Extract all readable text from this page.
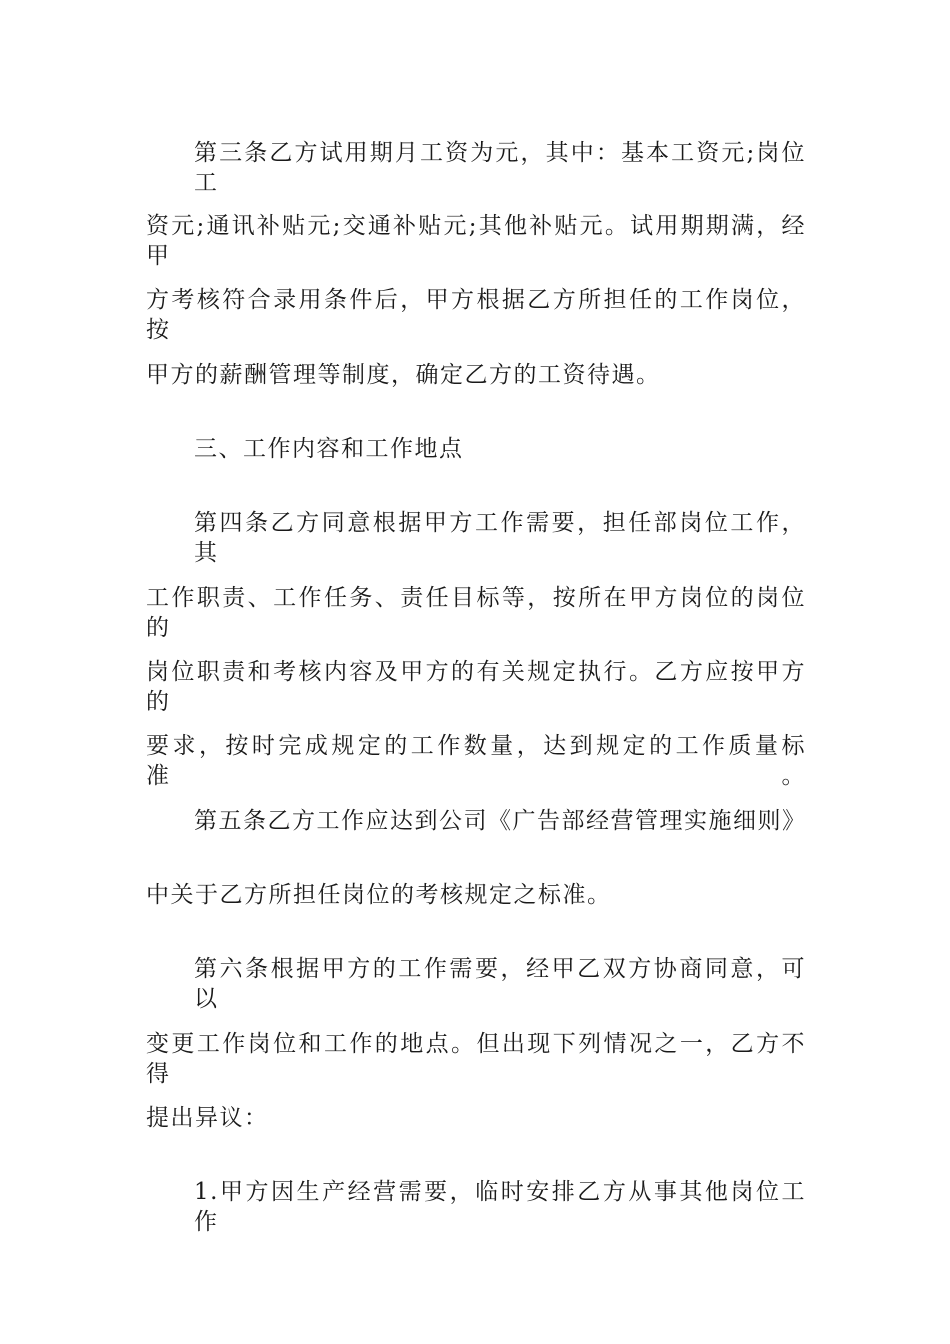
第三条乙方试用期月工资为元，其中：基本工资元;岗位工
资元;通讯补贴元;交通补贴元;其他补贴元。试用期期满，经甲
方考核符合录用条件后，甲方根据乙方所担任的工作岗位，按
甲方的薪酬管理等制度，确定乙方的工资待遇。
三、工作内容和工作地点
第四条乙方同意根据甲方工作需要，担任部岗位工作，其
工作职责、工作任务、责任目标等，按所在甲方岗位的岗位的
岗位职责和考核内容及甲方的有关规定执行。乙方应按甲方的
要求，按时完成规定的工作数量，达到规定的工作质量标准。
第五条乙方工作应达到公司《广告部经营管理实施细则》
中关于乙方所担任岗位的考核规定之标准。
第六条根据甲方的工作需要，经甲乙双方协商同意，可以
变更工作岗位和工作的地点。但出现下列情况之一，乙方不得
提出异议：
1.甲方因生产经营需要，临时安排乙方从事其他岗位工作
